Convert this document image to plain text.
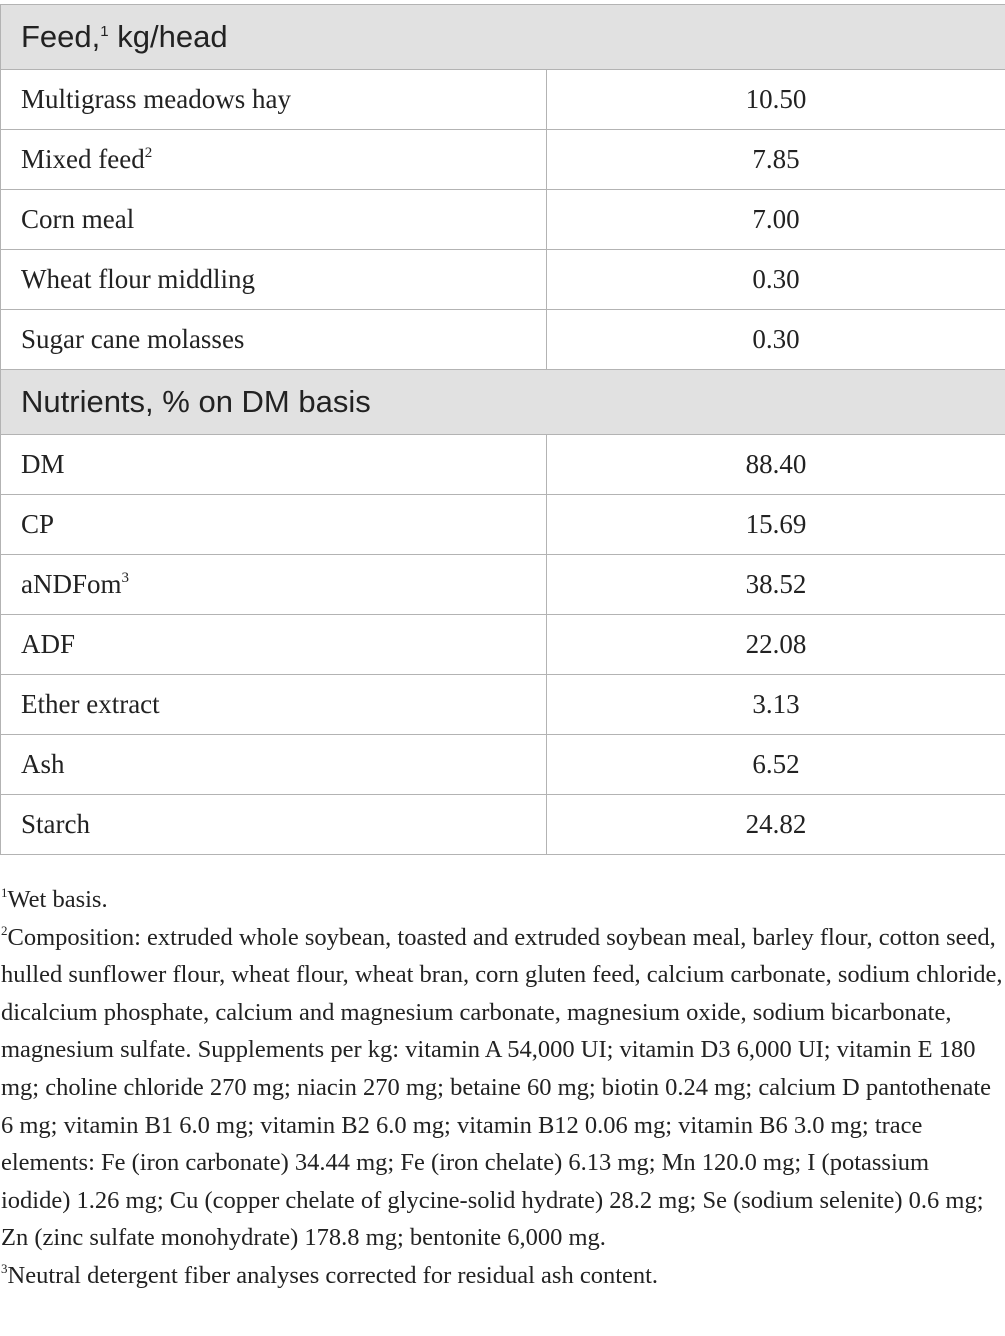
Feed,$^1$ kg/head	
Multigrass meadows hay	10.50
Mixed feed$^2$	7.85
Corn meal	7.00
Wheat flour middling	0.30
Sugar cane molasses	0.30
Nutrients, % on DM basis	
DM	88.40
CP	15.69
aNDFom$^3$	38.52
ADF	22.08
Ether extract	3.13
Ash	6.52
Starch	24.82

$^1$Wet basis.

$^2$Composition: extruded whole soybean, toasted and extruded soybean meal, barley flour, cotton seed, hulled sunflower flour, wheat flour, wheat bran, corn gluten feed, calcium carbonate, sodium chloride, dicalcium phosphate, calcium and magnesium carbonate, magnesium oxide, sodium bicarbonate, magnesium sulfate. Supplements per kg: vitamin A 54,000 UI; vitamin D3 6,000 UI; vitamin E 180 mg; choline chloride 270 mg; niacin 270 mg; betaine 60 mg; biotin 0.24 mg; calcium D pantothenate 6 mg; vitamin B1 6.0 mg; vitamin B2 6.0 mg; vitamin B12 0.06 mg; vitamin B6 3.0 mg; trace elements: Fe (iron carbonate) 34.44 mg; Fe (iron chelate) 6.13 mg; Mn 120.0 mg; I (potassium iodide) 1.26 mg; Cu (copper chelate of glycine-solid hydrate) 28.2 mg; Se (sodium selenite) 0.6 mg; Zn (zinc sulfate monohydrate) 178.8 mg; bentonite 6,000 mg.

$^3$Neutral detergent fiber analyses corrected for residual ash content.
